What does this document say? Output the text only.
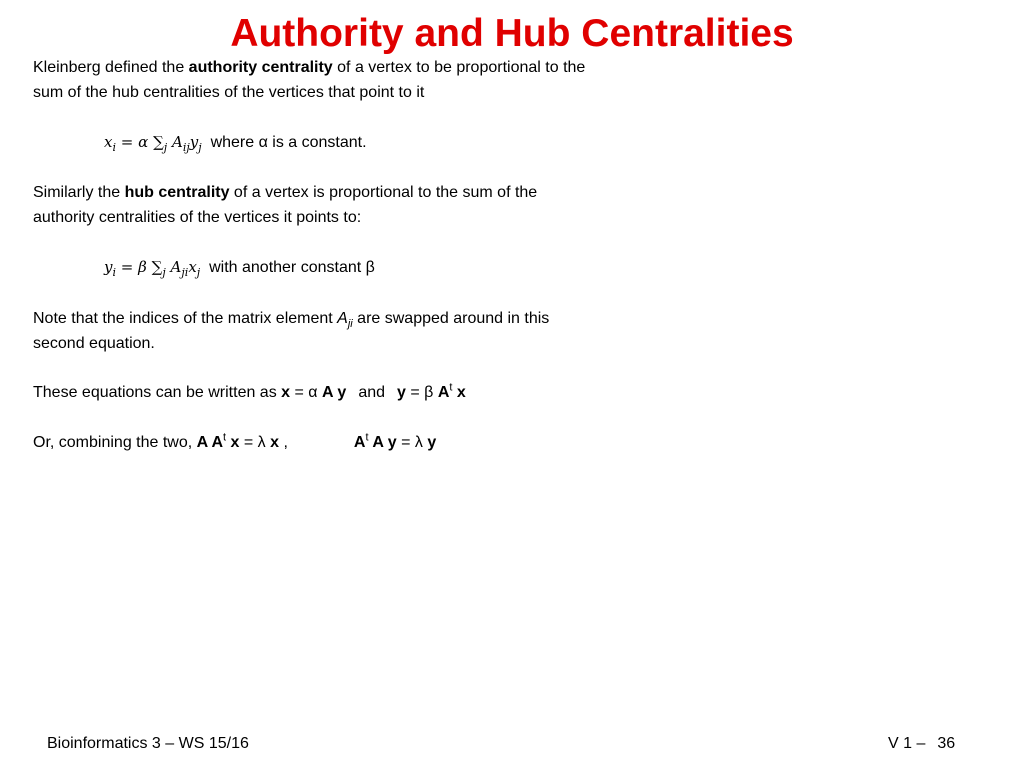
Authority and Hub Centralities

Kleinberg defined the authority centrality of a vertex to be proportional to the
sum of the hub centralities of the vertices that point to it

$x_i = \alpha$ $\sum_j$ $A_{ij}y_j$ where α is a constant.

Similarly the hub centrality of a vertex is proportional to the sum of the
authority centralities of the vertices it points to:

$y_i = \beta$ $\sum_j$ $A_{ji}x_j$ with another constant β

Note that the indices of the matrix element $A_{ji}$ are swapped around in this
second equation.

These equations can be written as x = α A y and y = β $A^t$ x

Or, combining the two, A $A^t$ x = λ x ,	$A^t$ A y = λ y

Bioinformatics 3 – WS 15/16	V 1 – 36
